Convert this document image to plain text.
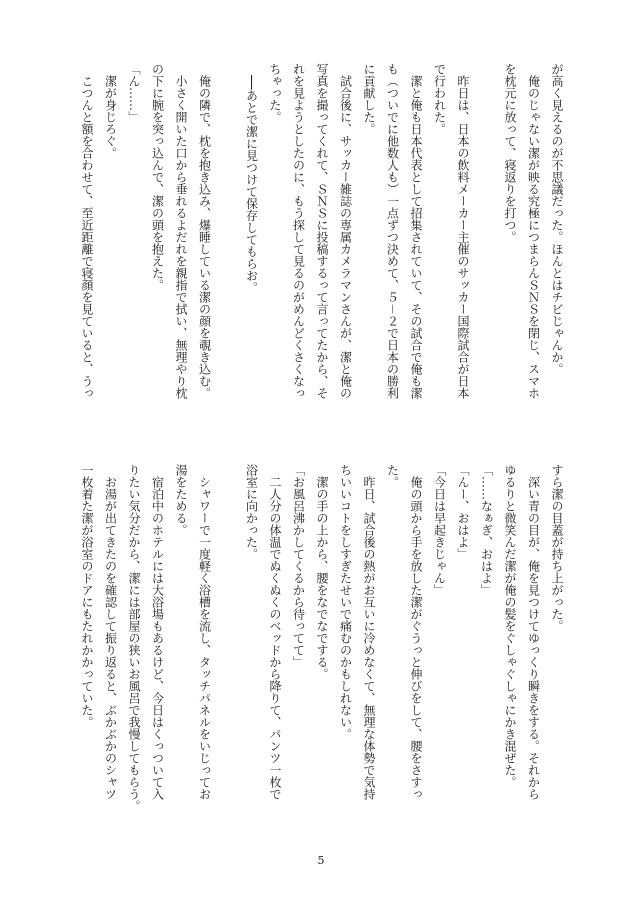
が高く見えるのが不思議だった。ほんとはチビじゃんか。
　俺のじゃない潔が映る究極につまらんＳＮＳを閉じ、スマホ
を枕元に放って、寝返りを打つ。
　昨日は、日本の飲料メーカー主催のサッカー国際試合が日本
で行われた。
　潔と俺も日本代表として招集されていて、その試合で俺も潔
も（ついでに他数人も）一点ずつ決めて、５－２で日本の勝利
に貢献した。
　試合後に、サッカー雑誌の専属カメラマンさんが、潔と俺の
写真を撮ってくれて、ＳＮＳに投稿するって言ってたから、そ
れを見ようとしたのに、もう探して見るのがめんどくさくなっ
ちゃった。
　──あとで潔に見つけて保存してもらお。
　俺の隣で、枕を抱き込み、爆睡している潔の顔を覗き込む。
　小さく開いた口から垂れるよだれを親指で拭い、無理やり枕
の下に腕を突っ込んで、潔の頭を抱えた。
「ん……」
　潔が身じろぐ。
　こつんと額を合わせて、至近距離で寝顔を見ていると、うっ
すら潔の目蓋が持ち上がった。
　深い青の目が、俺を見つけてゆっくり瞬きをする。それから
ゆるりと微笑んだ潔が俺の髪をぐしゃぐしゃにかき混ぜた。
「……なぁぎ、おはよ」
「んー、おはよ」
「今日は早起きじゃん」
　俺の頭から手を放した潔がぐうっと伸びをして、腰をさすっ
た。
　昨日、試合後の熱がお互いに冷めなくて、無理な体勢で気持
ちいいコトをしすぎたせいで痛むのかもしれない。
　潔の手の上から、腰をなでなでする。
「お風呂沸かしてくるから待ってて」
　二人分の体温でぬくぬくのベッドから降りて、パンツ一枚で
浴室に向かった。
　シャワーで一度軽く浴槽を流し、タッチパネルをいじってお
湯をためる。
　宿泊中のホテルには大浴場もあるけど、今日はくっついて入
りたい気分だから、潔には部屋の狭いお風呂で我慢してもらう。
　お湯が出てきたのを確認して振り返ると、ぶかぶかのシャツ
一枚着た潔が浴室のドアにもたれかかっていた。
5
